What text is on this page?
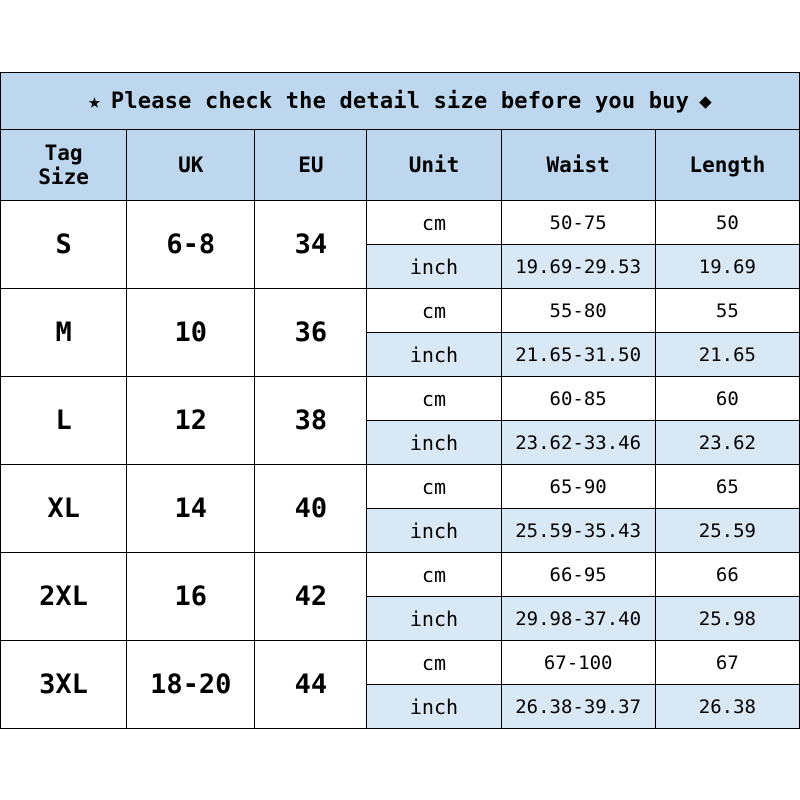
★ Please check the detail size before you buy ◆					

Tag
Size	UK	EU	Unit	Waist	Length
S	6-8	34	cm	50-75	50
			inch	19.69-29.53	19.69
M	10	36	cm	55-80	55
			inch	21.65-31.50	21.65
L	12	38	cm	60-85	60
			inch	23.62-33.46	23.62
XL	14	40	cm	65-90	65
			inch	25.59-35.43	25.59
2XL	16	42	cm	66-95	66
			inch	29.98-37.40	25.98
3XL	18-20	44	cm	67-100	67
			inch	26.38-39.37	26.38
